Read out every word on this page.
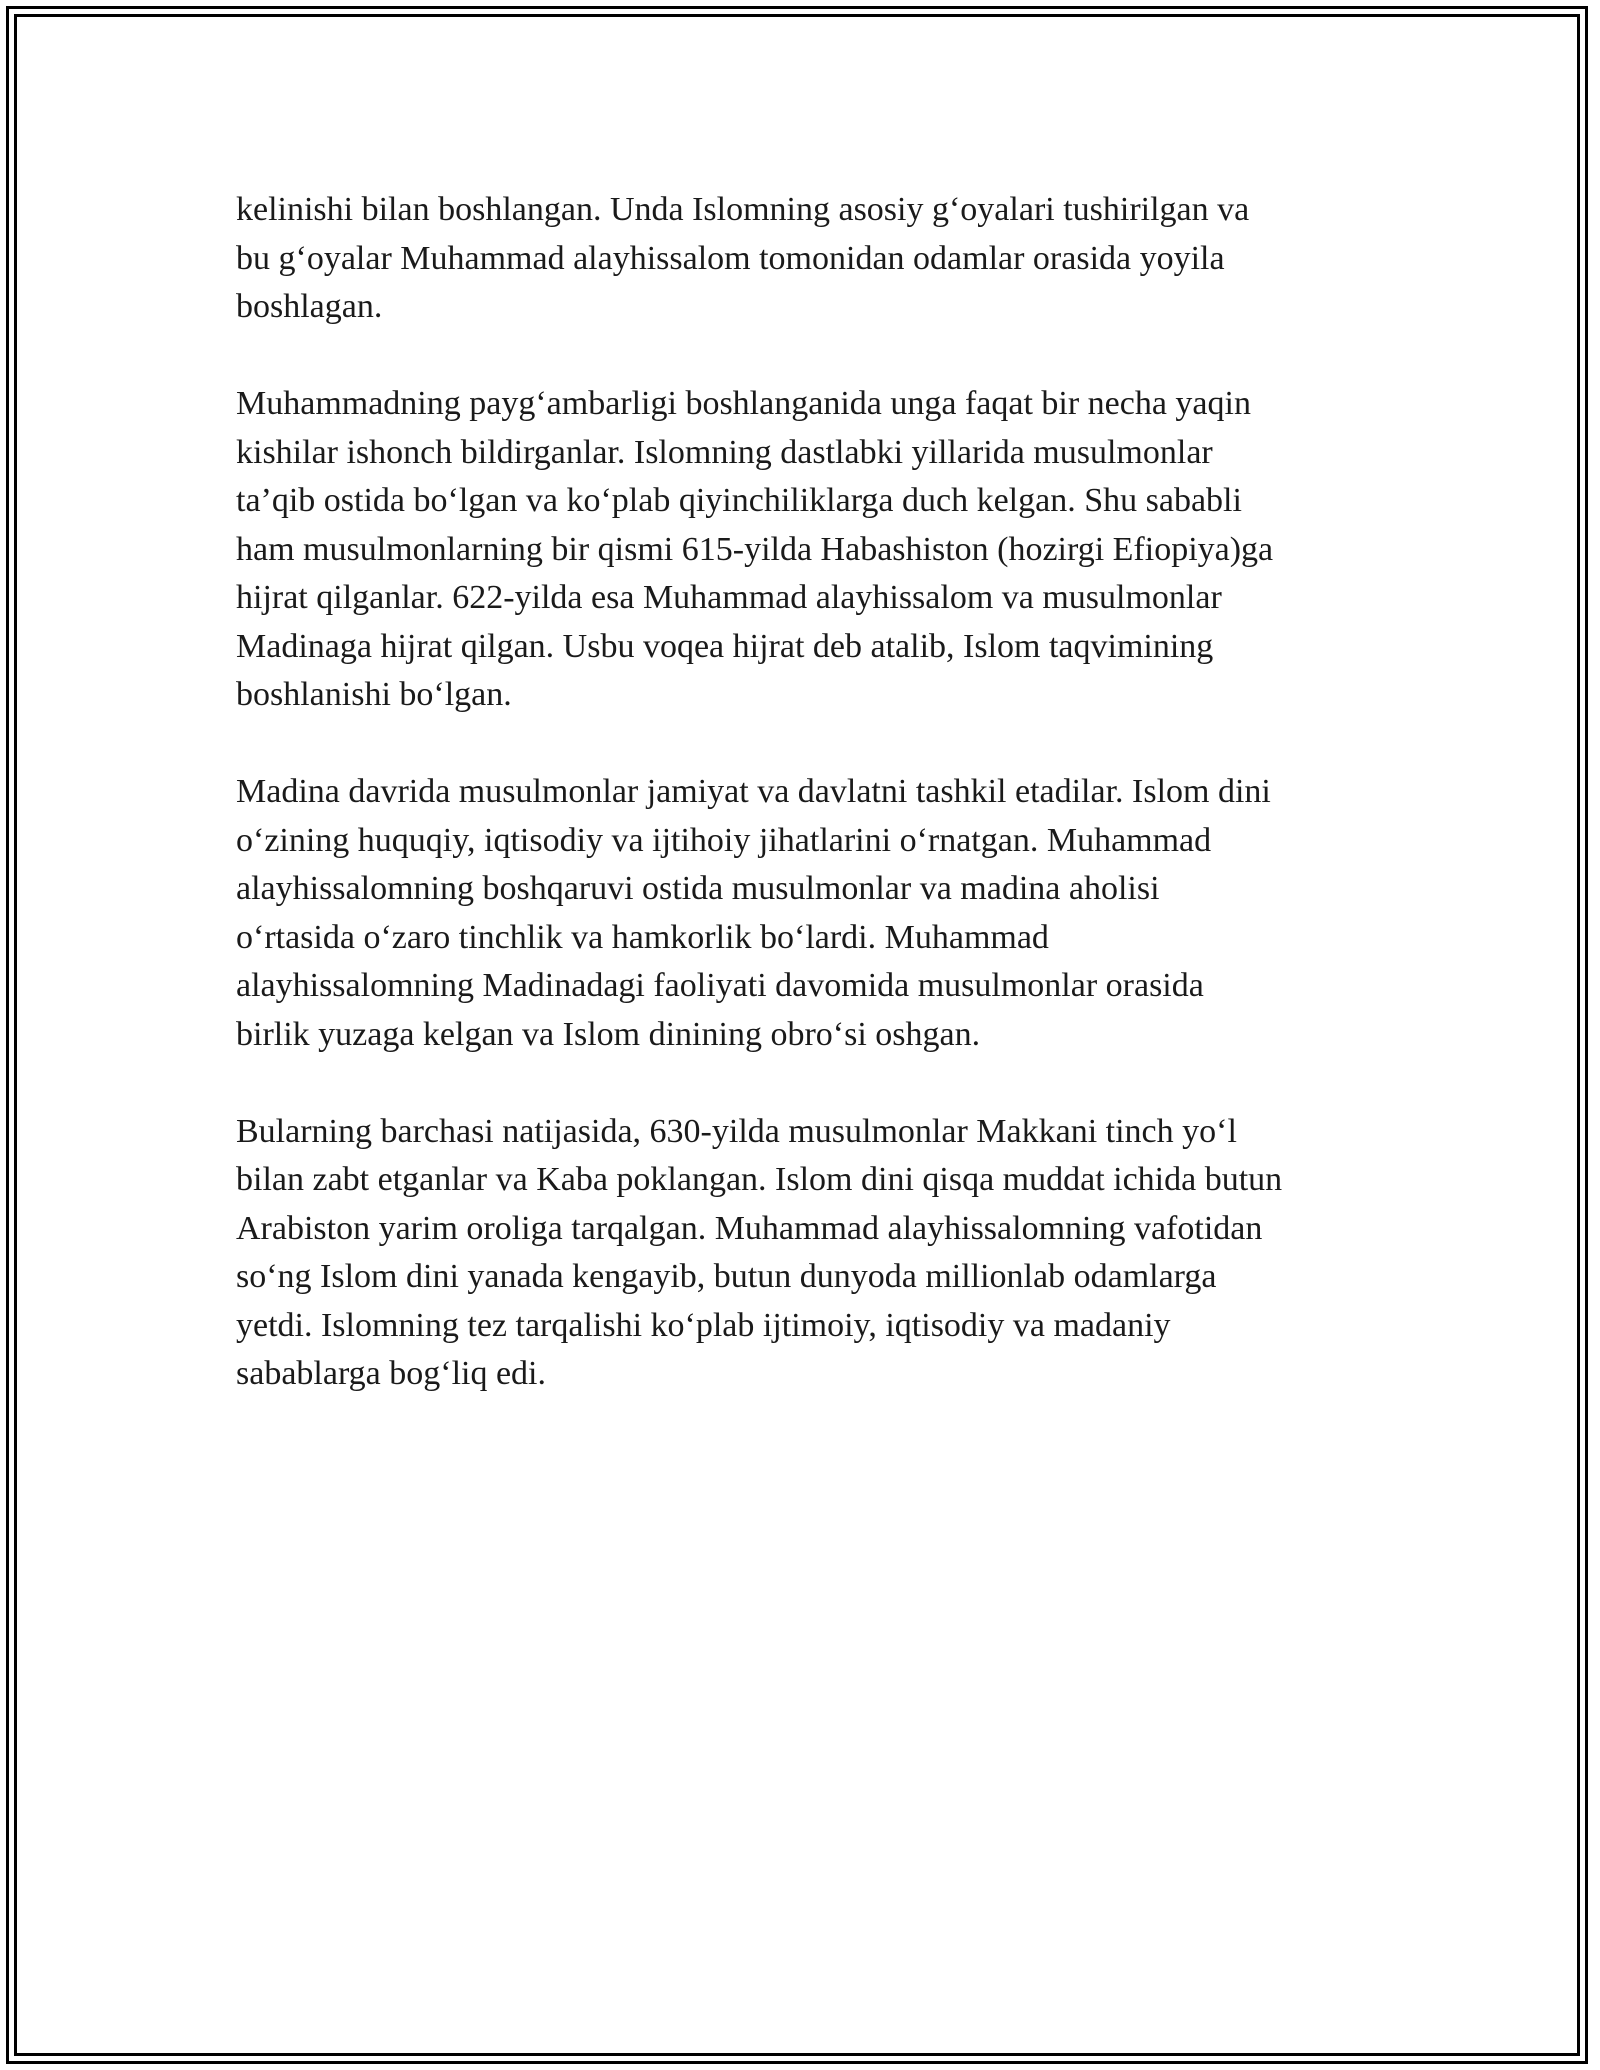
kelinishi bilan boshlangan. Unda Islomning asosiy g‘oyalari tushirilgan va
bu g‘oyalar Muhammad alayhissalom tomonidan odamlar orasida yoyila
boshlagan.

Muhammadning payg‘ambarligi boshlanganida unga faqat bir necha yaqin
kishilar ishonch bildirganlar. Islomning dastlabki yillarida musulmonlar
ta’qib ostida bo‘lgan va ko‘plab qiyinchiliklarga duch kelgan. Shu sababli
ham musulmonlarning bir qismi 615-yilda Habashiston (hozirgi Efiopiya)ga
hijrat qilganlar. 622-yilda esa Muhammad alayhissalom va musulmonlar
Madinaga hijrat qilgan. Usbu voqea hijrat deb atalib, Islom taqvimining
boshlanishi bo‘lgan.

Madina davrida musulmonlar jamiyat va davlatni tashkil etadilar. Islom dini
o‘zining huquqiy, iqtisodiy va ijtihoiy jihatlarini o‘rnatgan. Muhammad
alayhissalomning boshqaruvi ostida musulmonlar va madina aholisi
o‘rtasida o‘zaro tinchlik va hamkorlik bo‘lardi. Muhammad
alayhissalomning Madinadagi faoliyati davomida musulmonlar orasida
birlik yuzaga kelgan va Islom dinining obro‘si oshgan.

Bularning barchasi natijasida, 630-yilda musulmonlar Makkani tinch yo‘l
bilan zabt etganlar va Kaba poklangan. Islom dini qisqa muddat ichida butun
Arabiston yarim oroliga tarqalgan. Muhammad alayhissalomning vafotidan
so‘ng Islom dini yanada kengayib, butun dunyoda millionlab odamlarga
yetdi. Islomning tez tarqalishi ko‘plab ijtimoiy, iqtisodiy va madaniy
sabablarga bog‘liq edi.
